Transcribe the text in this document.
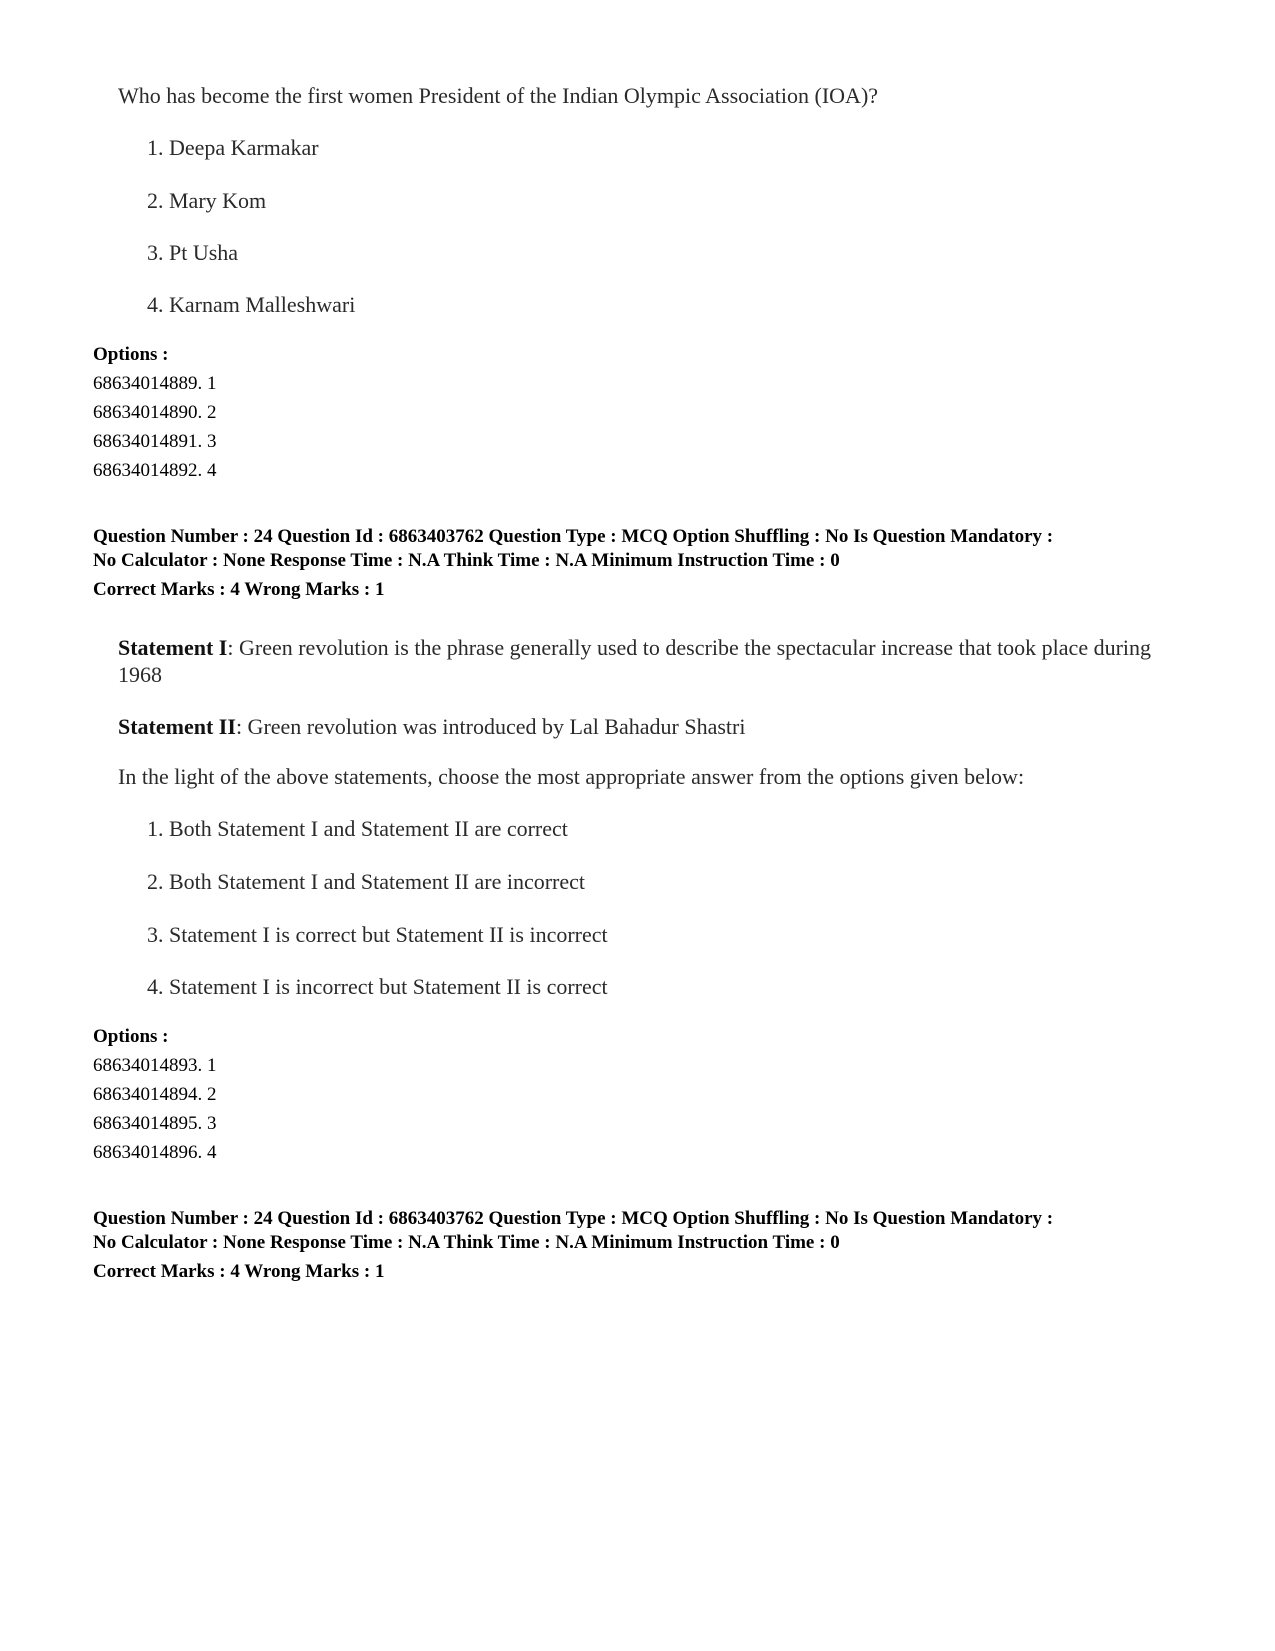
Who has become the first women President of the Indian Olympic Association (IOA)?
1. Deepa Karmakar
2. Mary Kom
3. Pt Usha
4. Karnam Malleshwari
Options :
68634014889. 1
68634014890. 2
68634014891. 3
68634014892. 4
Question Number : 24 Question Id : 6863403762 Question Type : MCQ Option Shuffling : No Is Question Mandatory :
No Calculator : None Response Time : N.A Think Time : N.A Minimum Instruction Time : 0
Correct Marks : 4 Wrong Marks : 1
Statement I: Green revolution is the phrase generally used to describe the spectacular increase that took place during 1968
Statement II: Green revolution was introduced by Lal Bahadur Shastri
In the light of the above statements, choose the most appropriate answer from the options given below:
1. Both Statement I and Statement II are correct
2. Both Statement I and Statement II are incorrect
3. Statement I is correct but Statement II is incorrect
4. Statement I is incorrect but Statement II is correct
Options :
68634014893. 1
68634014894. 2
68634014895. 3
68634014896. 4
Question Number : 24 Question Id : 6863403762 Question Type : MCQ Option Shuffling : No Is Question Mandatory :
No Calculator : None Response Time : N.A Think Time : N.A Minimum Instruction Time : 0
Correct Marks : 4 Wrong Marks : 1
